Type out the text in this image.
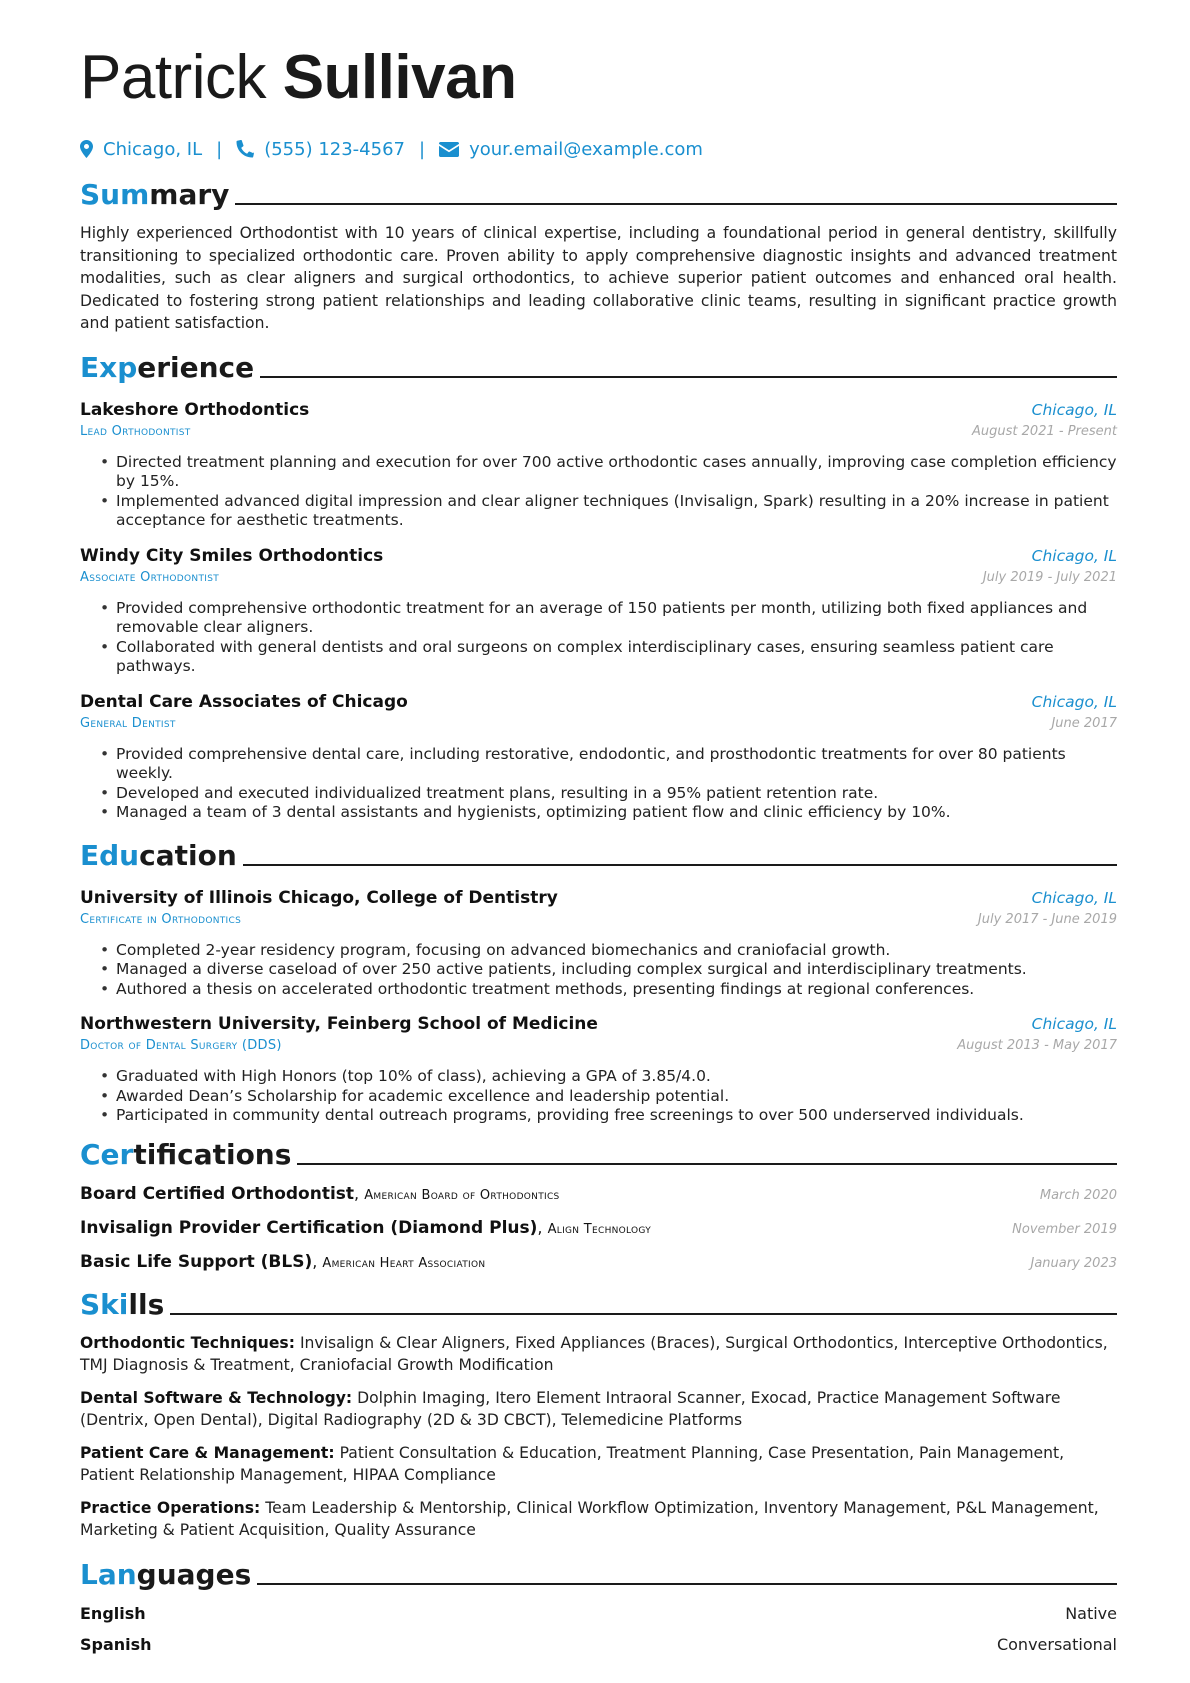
Patrick Sullivan
Chicago, IL | (555) 123-4567 | your.email@example.com
Summary

Highly experienced Orthodontist with 10 years of clinical expertise, including a foundational period in general dentistry, skillfully transitioning to specialized orthodontic care. Proven ability to apply comprehensive diagnostic insights and advanced treatment modalities, such as clear aligners and surgical orthodontics, to achieve superior patient outcomes and enhanced oral health. Dedicated to fostering strong patient relationships and leading collaborative clinic teams, resulting in significant practice growth and patient satisfaction.

Experience
Lakeshore Orthodontics	Chicago, IL
Lead Orthodontist	August 2021 - Present
• Directed treatment planning and execution for over 700 active orthodontic cases annually, improving case completion efficiency by 15%.
• Implemented advanced digital impression and clear aligner techniques (Invisalign, Spark) resulting in a 20% increase in patient acceptance for aesthetic treatments.
Windy City Smiles Orthodontics	Chicago, IL
Associate Orthodontist	July 2019 - July 2021
• Provided comprehensive orthodontic treatment for an average of 150 patients per month, utilizing both fixed appliances and removable clear aligners.
• Collaborated with general dentists and oral surgeons on complex interdisciplinary cases, ensuring seamless patient care pathways.
Dental Care Associates of Chicago	Chicago, IL
General Dentist	June 2017
• Provided comprehensive dental care, including restorative, endodontic, and prosthodontic treatments for over 80 patients weekly.
• Developed and executed individualized treatment plans, resulting in a 95% patient retention rate.
• Managed a team of 3 dental assistants and hygienists, optimizing patient flow and clinic efficiency by 10%.
Education
University of Illinois Chicago, College of Dentistry	Chicago, IL
Certificate in Orthodontics	July 2017 - June 2019
• Completed 2-year residency program, focusing on advanced biomechanics and craniofacial growth.
• Managed a diverse caseload of over 250 active patients, including complex surgical and interdisciplinary treatments.
• Authored a thesis on accelerated orthodontic treatment methods, presenting findings at regional conferences.
Northwestern University, Feinberg School of Medicine	Chicago, IL
Doctor of Dental Surgery (DDS)	August 2013 - May 2017
• Graduated with High Honors (top 10% of class), achieving a GPA of 3.85/4.0.
• Awarded Dean’s Scholarship for academic excellence and leadership potential.
• Participated in community dental outreach programs, providing free screenings to over 500 underserved individuals.
Certifications
Board Certified Orthodontist, American Board of Orthodontics	March 2020
Invisalign Provider Certification (Diamond Plus), Align Technology	November 2019
Basic Life Support (BLS), American Heart Association	January 2023
Skills

Orthodontic Techniques: Invisalign & Clear Aligners, Fixed Appliances (Braces), Surgical Orthodontics, Interceptive Orthodontics, TMJ Diagnosis & Treatment, Craniofacial Growth Modification

Dental Software & Technology: Dolphin Imaging, Itero Element Intraoral Scanner, Exocad, Practice Management Software (Dentrix, Open Dental), Digital Radiography (2D & 3D CBCT), Telemedicine Platforms

Patient Care & Management: Patient Consultation & Education, Treatment Planning, Case Presentation, Pain Management, Patient Relationship Management, HIPAA Compliance

Practice Operations: Team Leadership & Mentorship, Clinical Workflow Optimization, Inventory Management, P&L Management, Marketing & Patient Acquisition, Quality Assurance

Languages
English	Native
Spanish	Conversational
